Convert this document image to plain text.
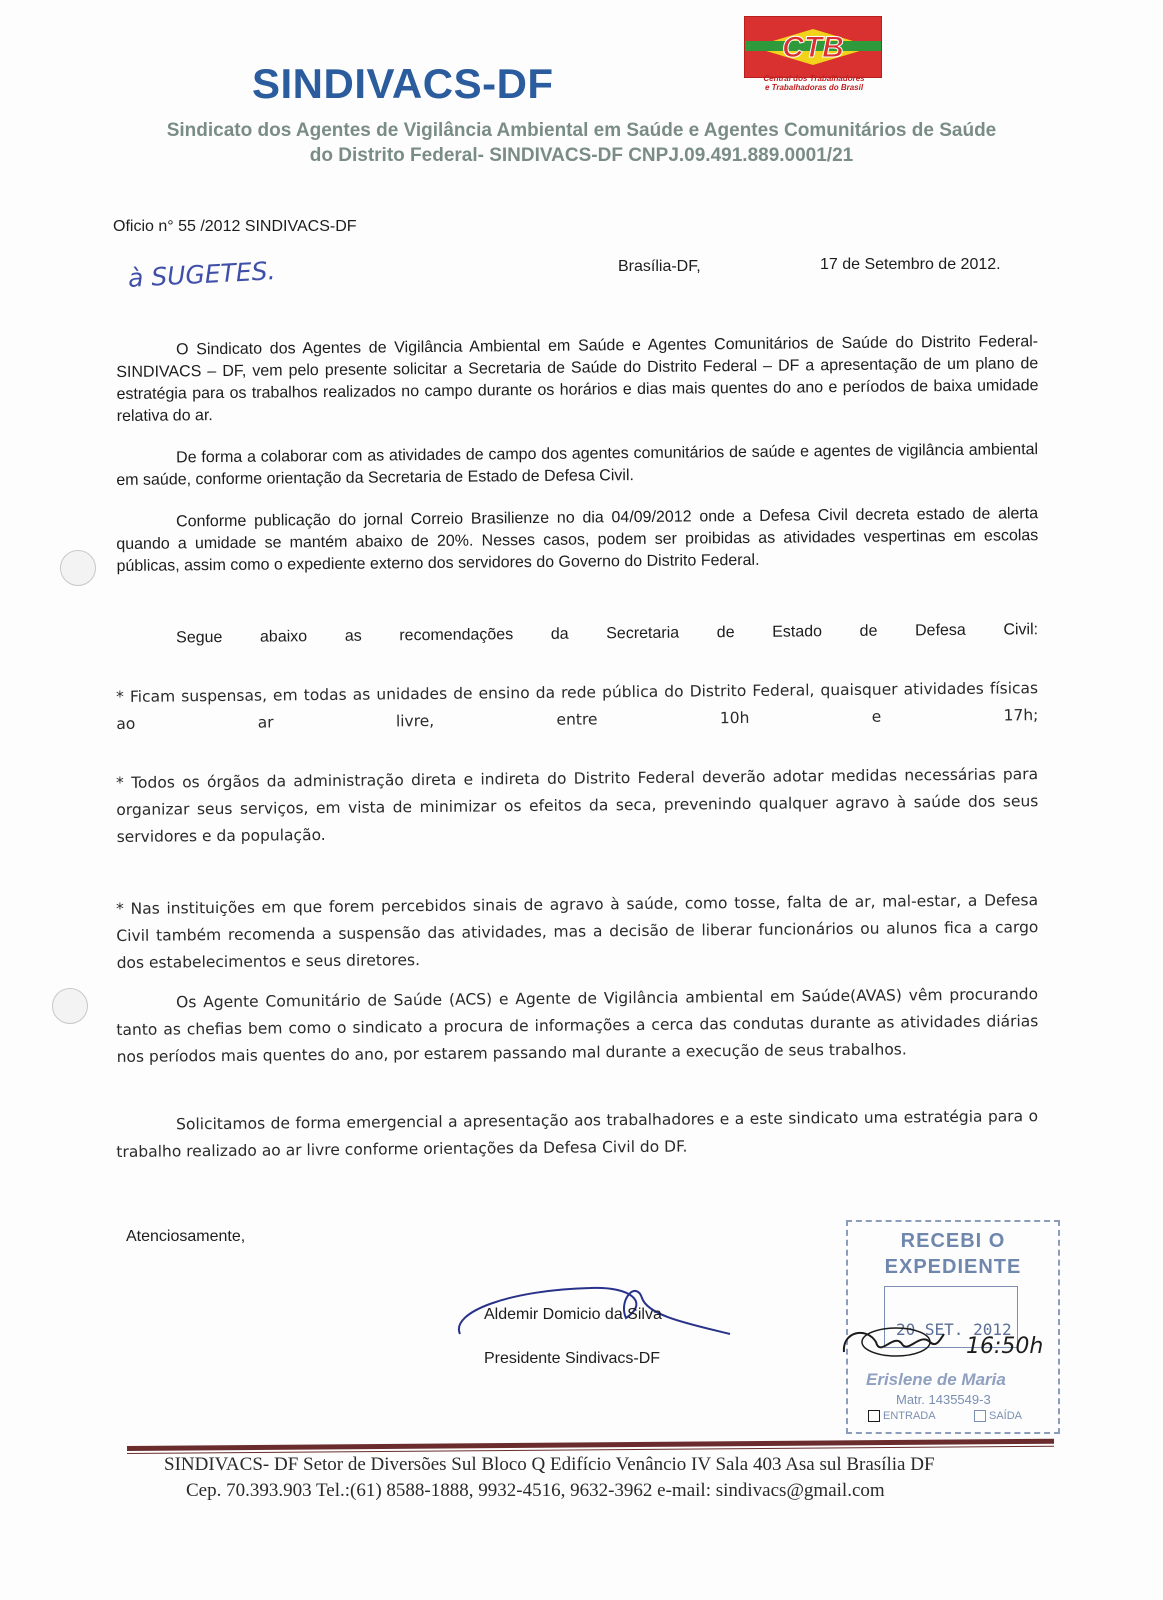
SINDIVACS-DF
CTB
Central dos Trabalhadores
e Trabalhadoras do Brasil
Sindicato dos Agentes de Vigilância Ambiental em Saúde e Agentes Comunitários de Saúde
do Distrito Federal- SINDIVACS-DF CNPJ.09.491.889.0001/21
Oficio n° 55 /2012 SINDIVACS-DF
à SUGETES.	Brasília-DF,	17 de Setembro de 2012.

O Sindicato dos Agentes de Vigilância Ambiental em Saúde e Agentes Comunitários de Saúde do Distrito Federal- SINDIVACS – DF, vem pelo presente solicitar a Secretaria de Saúde do Distrito Federal – DF a apresentação de um plano de estratégia para os trabalhos realizados no campo durante os horários e dias mais quentes do ano e períodos de baixa umidade relativa do ar.

De forma a colaborar com as atividades de campo dos agentes comunitários de saúde e agentes de vigilância ambiental em saúde, conforme orientação da Secretaria de Estado de Defesa Civil.

Conforme publicação do jornal Correio Brasilienze no dia 04/09/2012 onde a Defesa Civil decreta estado de alerta quando a umidade se mantém abaixo de 20%. Nesses casos, podem ser proibidas as atividades vespertinas em escolas públicas, assim como o expediente externo dos servidores do Governo do Distrito Federal.

Segue abaixo as recomendações da Secretaria de Estado de Defesa Civil:

* Ficam suspensas, em todas as unidades de ensino da rede pública do Distrito Federal, quaisquer atividades físicas ao ar livre, entre 10h e 17h;

* Todos os órgãos da administração direta e indireta do Distrito Federal deverão adotar medidas necessárias para organizar seus serviços, em vista de minimizar os efeitos da seca, prevenindo qualquer agravo à saúde dos seus servidores e da população.

* Nas instituições em que forem percebidos sinais de agravo à saúde, como tosse, falta de ar, mal-estar, a Defesa Civil também recomenda a suspensão das atividades, mas a decisão de liberar funcionários ou alunos fica a cargo dos estabelecimentos e seus diretores.

Os Agente Comunitário de Saúde (ACS) e Agente de Vigilância ambiental em Saúde(AVAS) vêm procurando tanto as chefias bem como o sindicato a procura de informações a cerca das condutas durante as atividades diárias nos períodos mais quentes do ano, por estarem passando mal durante a execução de seus trabalhos.

Solicitamos de forma emergencial a apresentação aos trabalhadores e a este sindicato uma estratégia para o trabalho realizado ao ar livre conforme orientações da Defesa Civil do DF.

Atenciosamente,
Aldemir Domicio da Silva
Presidente Sindivacs-DF
RECEBI O
EXPEDIENTE
20 SET. 2012
16:50h
Erislene de Maria
Matr. 1435549-3
ENTRADA	SAÍDA
SINDIVACS- DF Setor de Diversões Sul Bloco Q Edifício Venâncio IV Sala 403 Asa sul Brasília DF
Cep. 70.393.903 Tel.:(61) 8588-1888, 9932-4516, 9632-3962 e-mail: sindivacs@gmail.com
